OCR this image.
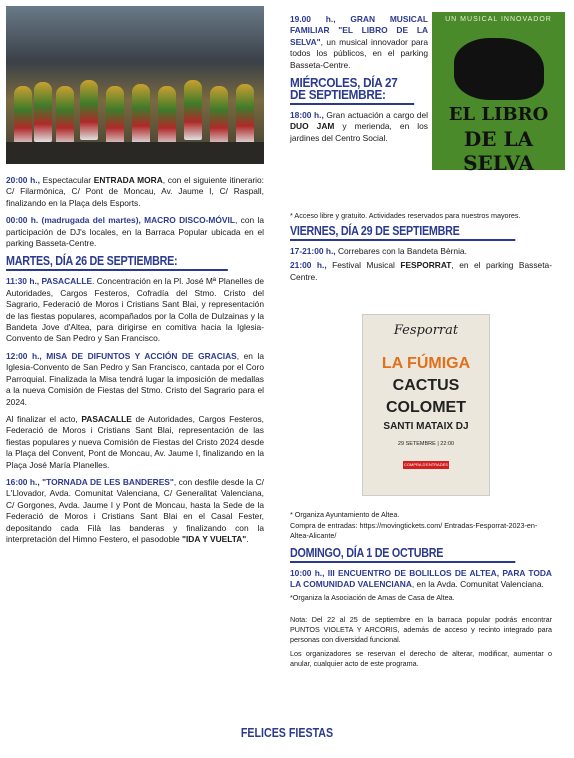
20:00 h., Espectacular ENTRADA MORA, con el siguiente itinerario: C/ Filarmónica, C/ Pont de Moncau, Av. Jaume I, C/ Raspall, finalizando en la Plaça dels Esports.

00:00 h. (madrugada del martes), MACRO DISCO-MÓVIL, con la participación de DJ's locales, en la Barraca Popular ubicada en el parking Bassetа-Centre.

MARTES, DÍA 26 DE SEPTIEMBRE:

11:30 h., PASACALLE. Concentración en la Pl. José Mª Planelles de Autoridades, Cargos Festeros, Cofradía del Stmo. Cristo del Sagrario, Federació de Moros i Cristians Sant Blai, y representación de las fiestas populares, acompañados por la Colla de Dulzainas y la Bandeta Jove d'Altea, para dirigirse en comitiva hacia la Iglesia-Convento de San Pedro y San Francisco.

12:00 h., MISA DE DIFUNTOS Y ACCIÓN DE GRACIAS, en la Iglesia-Convento de San Pedro y San Francisco, cantada por el Coro Parroquial. Finalizada la Misa tendrá lugar la imposición de medallas a la nueva Comisión de Fiestas del Stmo. Cristo del Sagrario para el 2024.

Al finalizar el acto, PASACALLE de Autoridades, Cargos Festeros, Federació de Moros i Cristians Sant Blai, representación de las fiestas populares y nueva Comisión de Fiestas del Cristo 2024 desde la Plaça del Convent, Pont de Moncau, Av. Jaume I, finalizando en la Plaça José María Planelles.

16:00 h., "TORNADA DE LES BANDERES", con desfile desde la C/ L'Llovador, Avda. Comunitat Valenciana, C/ Generalitat Valenciana, C/ Gorgones, Avda. Jaume I y Pont de Moncau, hasta la Sede de la Federació de Moros i Cristians Sant Blai en el Casal Fester, depositando cada Filà las banderas y finalizando con la interpretación del Himno Festero, el pasodoble "IDA Y VUELTA".

19.00 h., GRAN MUSICAL FAMILIAR "EL LIBRO DE LA SELVA", un musical innovador para todos los públicos, en el parking Bassetа-Centre.

MIÉRCOLES, DÍA 27 DE SEPTIEMBRE:

18:00 h., Gran actuación a cargo del DUO JAM y merienda, en los jardines del Centro Social.

UN MUSICAL INNOVADOR
EL LIBRO
DE LA SELVA

* Acceso libre y gratuito. Actividades reservados para nuestros mayores.

VIERNES, DÍA 29 DE SEPTIEMBRE

17-21:00 h., Correbares con la Bandeta Bèrnia.

21:00 h., Festival Musical FESPORRAT, en el parking Basseta-Centre.

Fesporrat
LA FÚMIGA
CACTUS
COLOMET
SANTI MATAIX DJ
29 SETEMBRE | 22:00
COMPRA D'ENTRADES

* Organiza Ayuntamiento de Altea.

Compra de entradas: https://movingtickets.com/ Entradas-Fesporrat-2023-en-Altea-Alicante/

DOMINGO, DÍA 1 DE OCTUBRE

10:00 h., III ENCUENTRO DE BOLILLOS DE ALTEA, PARA TODA LA COMUNIDAD VALENCIANA, en la Avda. Comunitat Valenciana.

*Organiza la Asociación de Amas de Casa de Altea.

Nota: Del 22 al 25 de septiembre en la barraca popular podrás encontrar PUNTOS VIOLETA Y ARCORIS, además de acceso y recinto integrado para personas con diversidad funcional.

Los organizadores se reservan el derecho de alterar, modificar, aumentar o anular, cualquier acto de este programa.

FELICES FIESTAS
